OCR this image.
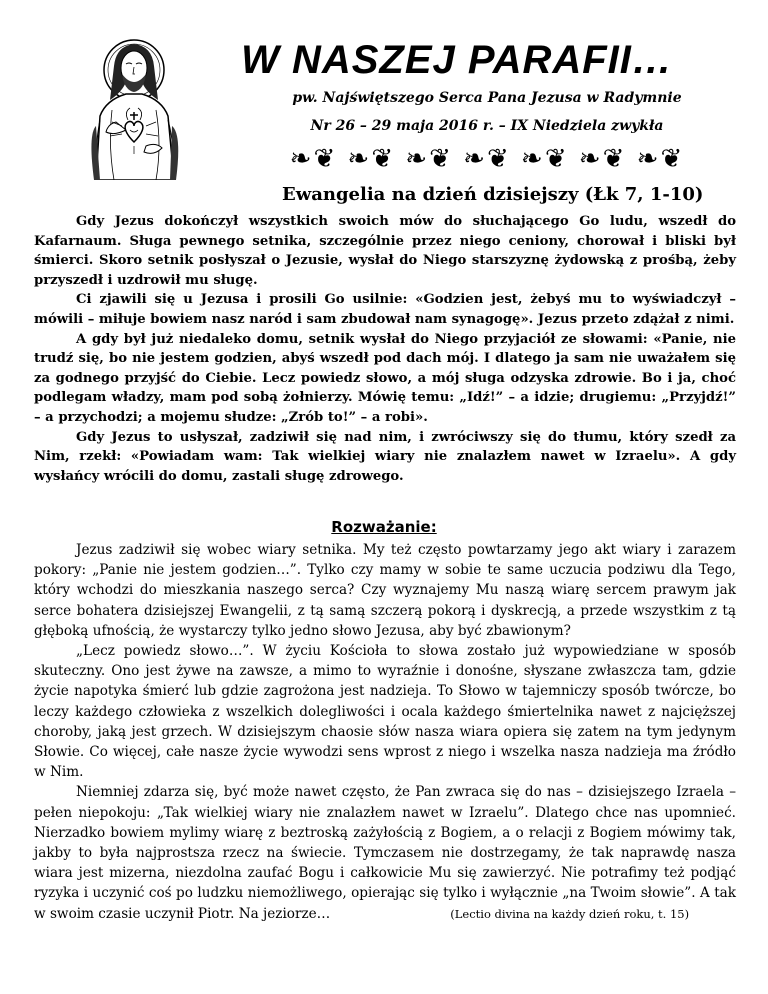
W NASZEJ PARAFII…
pw. Najświętszego Serca Pana Jezusa w Radymnie
Nr 26 – 29 maja 2016 r. – IX Niedziela zwykła
❧❦ ❧❦ ❧❦ ❧❦ ❧❦ ❧❦ ❧❦
Ewangelia na dzień dzisiejszy (Łk 7, 1-10)

Gdy Jezus dokończył wszystkich swoich mów do słuchającego Go ludu, wszedł do Kafarnaum. Sługa pewnego setnika, szczególnie przez niego ceniony, chorował i bliski był śmierci. Skoro setnik posłyszał o Jezusie, wysłał do Niego starszyznę żydowską z prośbą, żeby przyszedł i uzdrowił mu sługę.

Ci zjawili się u Jezusa i prosili Go usilnie: «Godzien jest, żebyś mu to wyświadczył – mówili – miłuje bowiem nasz naród i sam zbudował nam synagogę». Jezus przeto zdążał z nimi.

A gdy był już niedaleko domu, setnik wysłał do Niego przyjaciół ze słowami: «Panie, nie trudź się, bo nie jestem godzien, abyś wszedł pod dach mój. I dlatego ja sam nie uważałem się za godnego przyjść do Ciebie. Lecz powiedz słowo, a mój sługa odzyska zdrowie. Bo i ja, choć podlegam władzy, mam pod sobą żołnierzy. Mówię temu: „Idź!” – a idzie; drugiemu: „Przyjdź!” – a przychodzi; a mojemu słudze: „Zrób to!” – a robi».

Gdy Jezus to usłyszał, zadziwił się nad nim, i zwróciwszy się do tłumu, który szedł za Nim, rzekł: «Powiadam wam: Tak wielkiej wiary nie znalazłem nawet w Izraelu». A gdy wysłańcy wrócili do domu, zastali sługę zdrowego.

Rozważanie:

Jezus zadziwił się wobec wiary setnika. My też często powtarzamy jego akt wiary i zarazem pokory: „Panie nie jestem godzien…”. Tylko czy mamy w sobie te same uczucia podziwu dla Tego, który wchodzi do mieszkania naszego serca? Czy wyznajemy Mu naszą wiarę sercem prawym jak serce bohatera dzisiejszej Ewangelii, z tą samą szczerą pokorą i dyskrecją, a przede wszystkim z tą głęboką ufnością, że wystarczy tylko jedno słowo Jezusa, aby być zbawionym?

„Lecz powiedz słowo…”. W życiu Kościoła to słowa zostało już wypowiedziane w sposób skuteczny. Ono jest żywe na zawsze, a mimo to wyraźnie i donośne, słyszane zwłaszcza tam, gdzie życie napotyka śmierć lub gdzie zagrożona jest nadzieja. To Słowo w tajemniczy sposób twórcze, bo leczy każdego człowieka z wszelkich dolegliwości i ocala każdego śmiertelnika nawet z najcięższej choroby, jaką jest grzech. W dzisiejszym chaosie słów nasza wiara opiera się zatem na tym jedynym Słowie. Co więcej, całe nasze życie wywodzi sens wprost z niego i wszelka nasza nadzieja ma źródło w Nim.

Niemniej zdarza się, być może nawet często, że Pan zwraca się do nas – dzisiejszego Izraela – pełen niepokoju: „Tak wielkiej wiary nie znalazłem nawet w Izraelu”. Dlatego chce nas upomnieć. Nierzadko bowiem mylimy wiarę z beztroską zażyłością z Bogiem, a o relacji z Bogiem mówimy tak, jakby to była najprostsza rzecz na świecie. Tymczasem nie dostrzegamy, że tak naprawdę nasza wiara jest mizerna, niezdolna zaufać Bogu i całkowicie Mu się zawierzyć. Nie potrafimy też podjąć ryzyka i uczynić coś po ludzku niemożliwego, opierając się tylko i wyłącznie „na Twoim słowie”. A tak w swoim czasie uczynił Piotr. Na jeziorze…	(Lectio divina na każdy dzień roku, t. 15)
